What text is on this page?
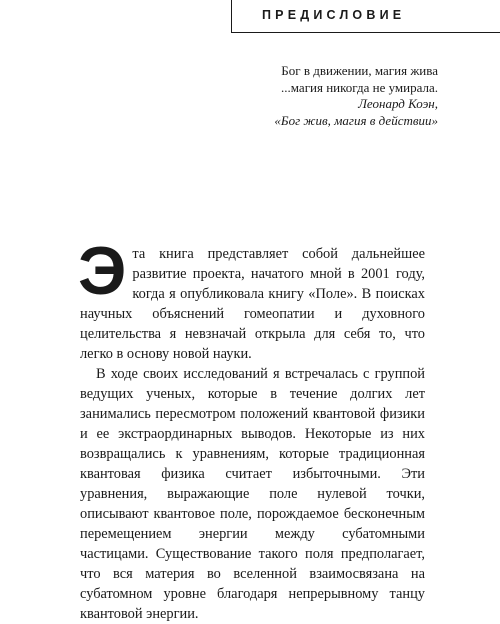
ПРЕДИСЛОВИЕ
Бог в движении, магия жива
...магия никогда не умирала.
Леонард Коэн,
«Бог жив, магия в действии»

Эта книга представляет собой дальнейшее развитие проекта, начатого мной в 2001 году, когда я опубликовала книгу «Поле». В поисках научных объяснений гомеопатии и духовного целительства я невзначай открыла для себя то, что легко в основу новой науки.

В ходе своих исследований я встречалась с группой ведущих ученых, которые в течение долгих лет занимались пересмотром положений квантовой физики и ее экстраординарных выводов. Некоторые из них возвращались к уравнениям, которые традиционная квантовая физика считает избыточными. Эти уравнения, выражающие поле нулевой точки, описывают квантовое поле, порождаемое бесконечным перемещением энергии между субатомными частицами. Существование такого поля предполагает, что вся материя во вселенной взаимосвязана на субатомном уровне благодаря непрерывному танцу квантовой энергии.
